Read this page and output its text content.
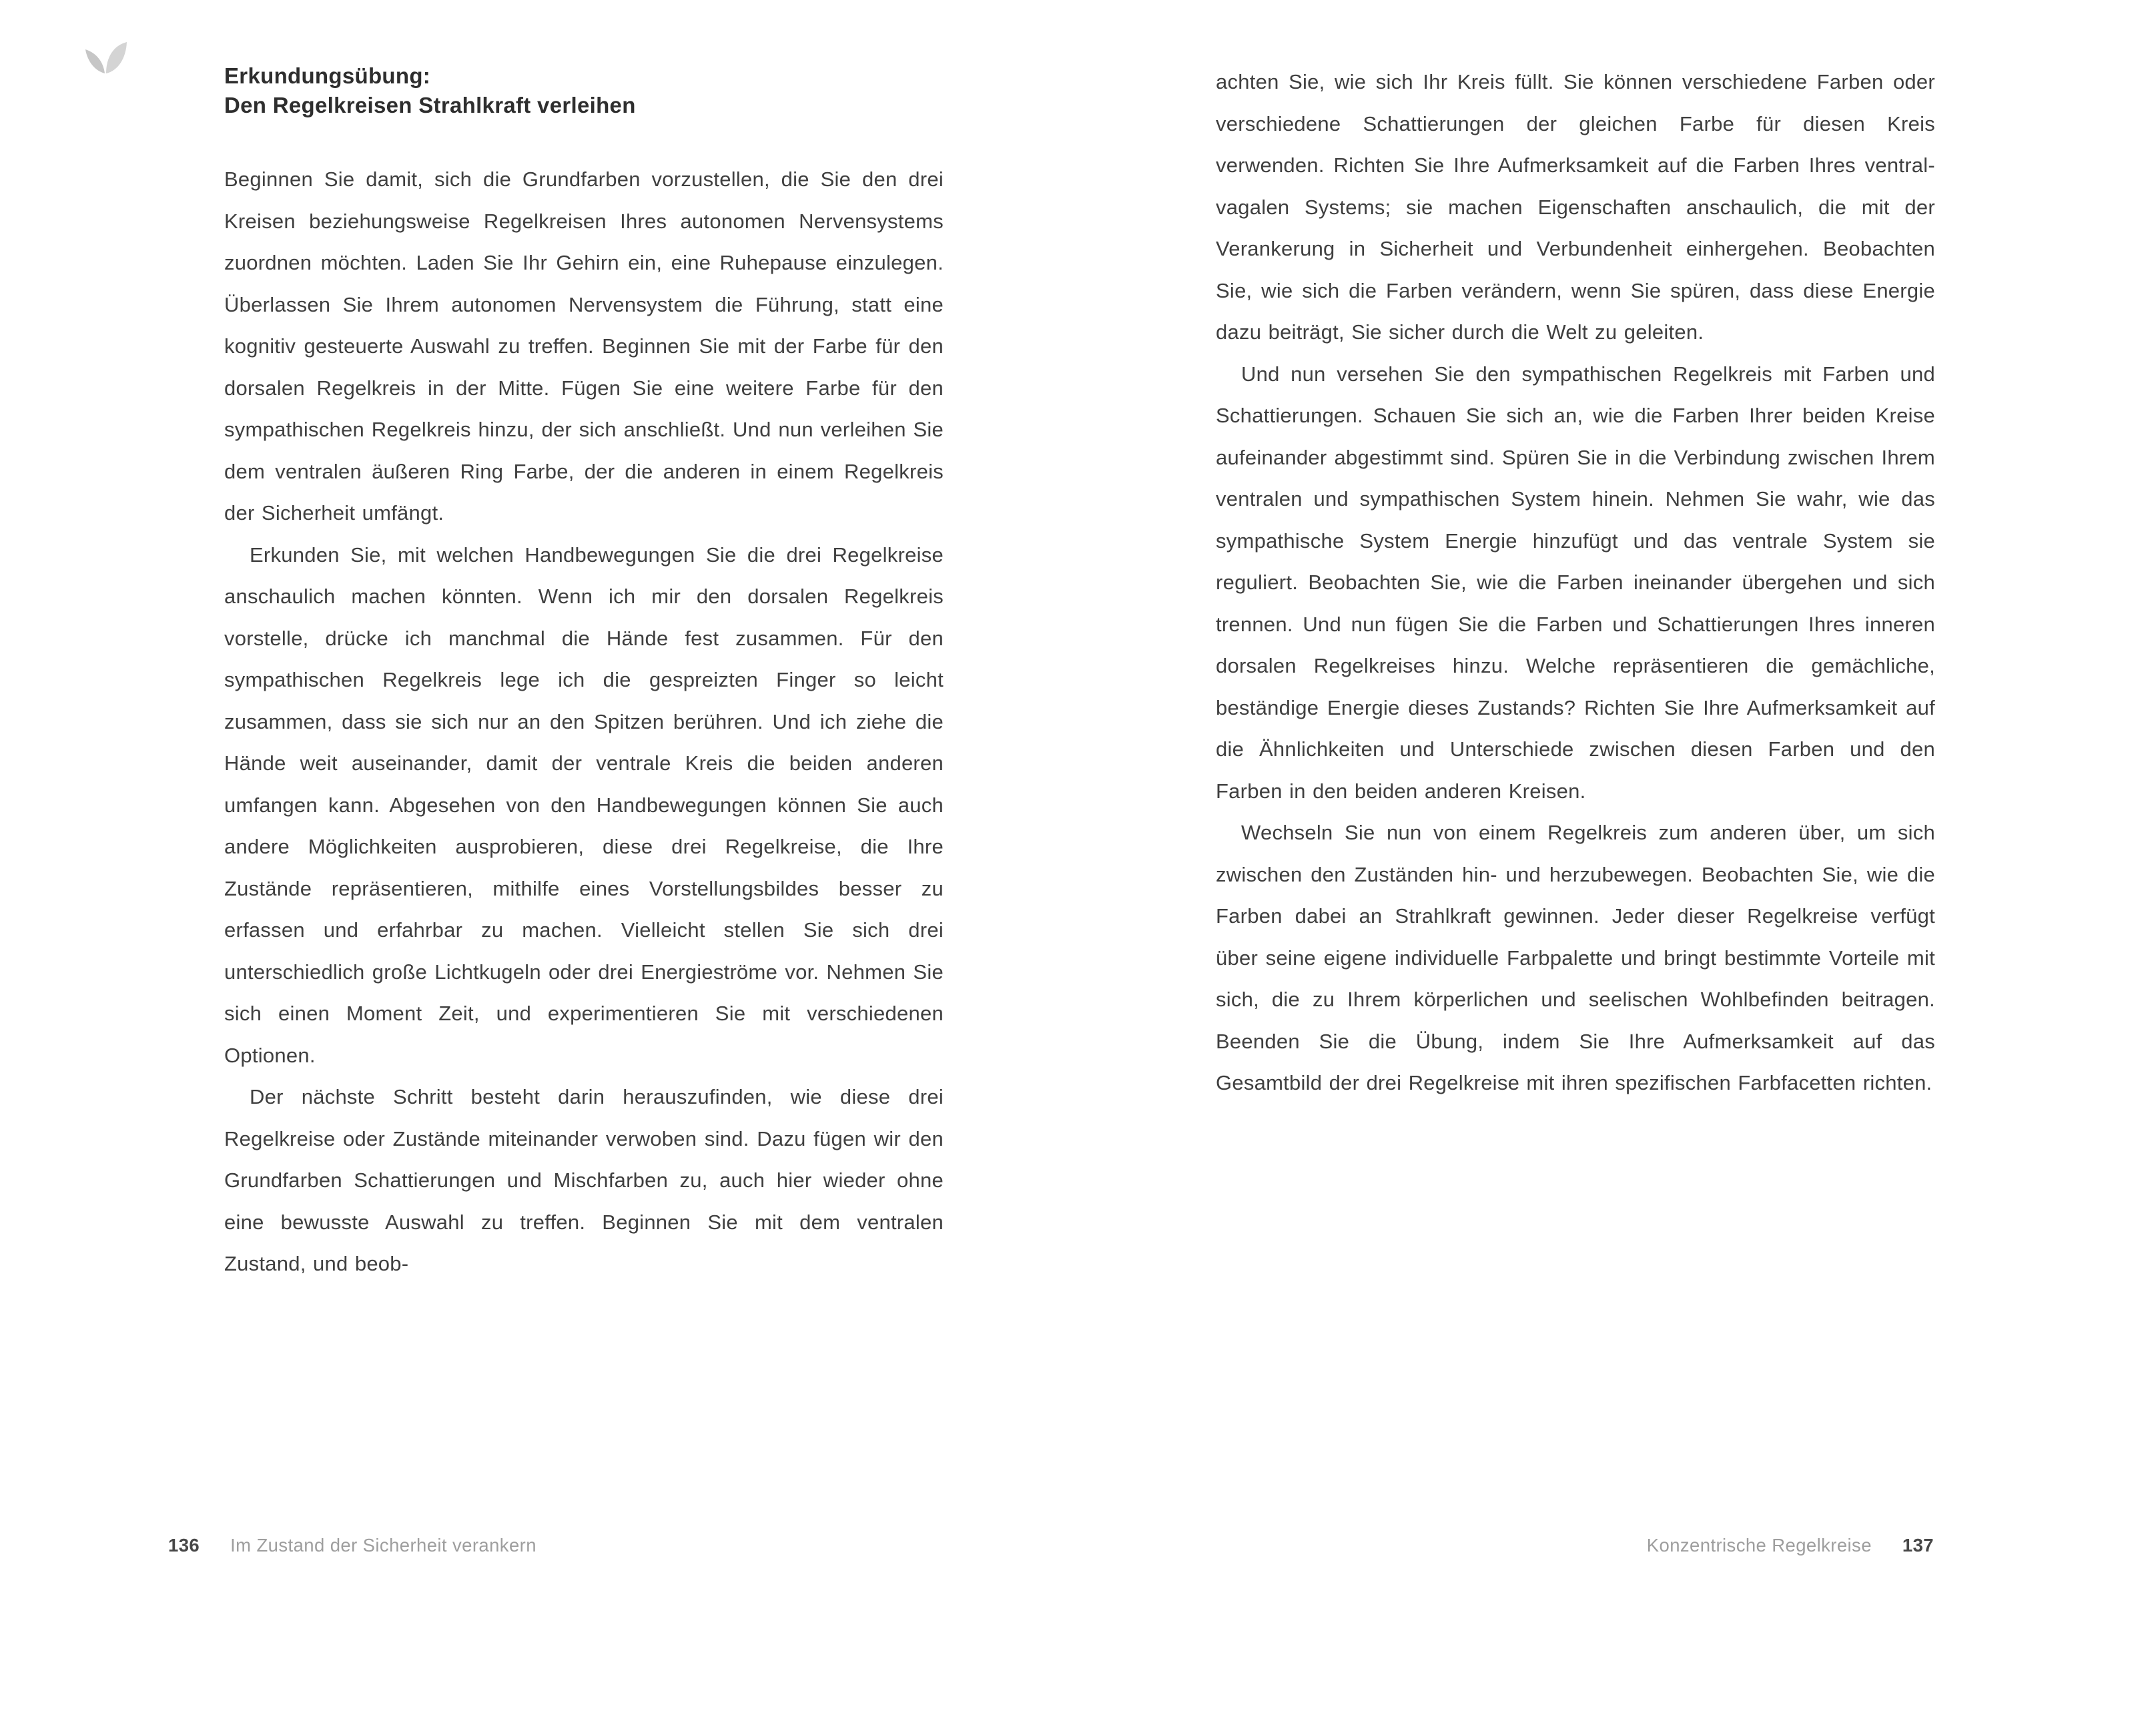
Erkundungsübung:
Den Regelkreisen Strahlkraft verleihen

Beginnen Sie damit, sich die Grundfarben vorzustellen, die Sie den drei Kreisen beziehungsweise Regelkreisen Ihres autonomen Nervensystems zuordnen möchten. Laden Sie Ihr Gehirn ein, eine Ruhepause einzulegen. Überlassen Sie Ihrem autonomen Nervensystem die Führung, statt eine kognitiv gesteuerte Auswahl zu treffen. Beginnen Sie mit der Farbe für den dorsalen Regelkreis in der Mitte. Fügen Sie eine weitere Farbe für den sympathischen Regelkreis hinzu, der sich anschließt. Und nun verleihen Sie dem ventralen äußeren Ring Farbe, der die anderen in einem Regelkreis der Sicherheit umfängt.

Erkunden Sie, mit welchen Handbewegungen Sie die drei Regelkreise anschaulich machen könnten. Wenn ich mir den dorsalen Regelkreis vorstelle, drücke ich manchmal die Hände fest zusammen. Für den sympathischen Regelkreis lege ich die gespreizten Finger so leicht zusammen, dass sie sich nur an den Spitzen berühren. Und ich ziehe die Hände weit auseinander, damit der ventrale Kreis die beiden anderen umfangen kann. Abgesehen von den Handbewegungen können Sie auch andere Möglichkeiten ausprobieren, diese drei Regelkreise, die Ihre Zustände repräsentieren, mithilfe eines Vorstellungsbildes besser zu erfassen und erfahrbar zu machen. Vielleicht stellen Sie sich drei unterschiedlich große Lichtkugeln oder drei Energieströme vor. Nehmen Sie sich einen Moment Zeit, und experimentieren Sie mit verschiedenen Optionen.

Der nächste Schritt besteht darin herauszufinden, wie diese drei Regelkreise oder Zustände miteinander verwoben sind. Dazu fügen wir den Grundfarben Schattierungen und Mischfarben zu, auch hier wieder ohne eine bewusste Auswahl zu treffen. Beginnen Sie mit dem ventralen Zustand, und beob-

achten Sie, wie sich Ihr Kreis füllt. Sie können verschiedene Farben oder verschiedene Schattierungen der gleichen Farbe für diesen Kreis verwenden. Richten Sie Ihre Aufmerksamkeit auf die Farben Ihres ventral-vagalen Systems; sie machen Eigenschaften anschaulich, die mit der Verankerung in Sicherheit und Verbundenheit einhergehen. Beobachten Sie, wie sich die Farben verändern, wenn Sie spüren, dass diese Energie dazu beiträgt, Sie sicher durch die Welt zu geleiten.

Und nun versehen Sie den sympathischen Regelkreis mit Farben und Schattierungen. Schauen Sie sich an, wie die Farben Ihrer beiden Kreise aufeinander abgestimmt sind. Spüren Sie in die Verbindung zwischen Ihrem ventralen und sympathischen System hinein. Nehmen Sie wahr, wie das sympathische System Energie hinzufügt und das ventrale System sie reguliert. Beobachten Sie, wie die Farben ineinander übergehen und sich trennen. Und nun fügen Sie die Farben und Schattierungen Ihres inneren dorsalen Regelkreises hinzu. Welche repräsentieren die gemächliche, beständige Energie dieses Zustands? Richten Sie Ihre Aufmerksamkeit auf die Ähnlichkeiten und Unterschiede zwischen diesen Farben und den Farben in den beiden anderen Kreisen.

Wechseln Sie nun von einem Regelkreis zum anderen über, um sich zwischen den Zuständen hin- und herzubewegen. Beobachten Sie, wie die Farben dabei an Strahlkraft gewinnen. Jeder dieser Regelkreise verfügt über seine eigene individuelle Farbpalette und bringt bestimmte Vorteile mit sich, die zu Ihrem körperlichen und seelischen Wohlbefinden beitragen. Beenden Sie die Übung, indem Sie Ihre Aufmerksamkeit auf das Gesamtbild der drei Regelkreise mit ihren spezifischen Farbfacetten richten.

136 Im Zustand der Sicherheit verankern	Konzentrische Regelkreise 137
